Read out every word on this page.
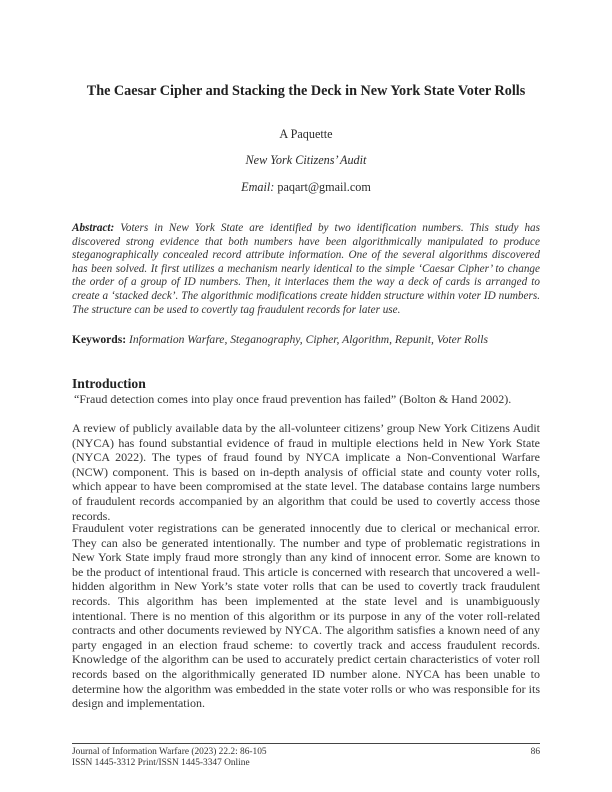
The Caesar Cipher and Stacking the Deck in New York State Voter Rolls
A Paquette
New York Citizens’ Audit
Email: paqart@gmail.com
Abstract: Voters in New York State are identified by two identification numbers. This study has discovered strong evidence that both numbers have been algorithmically manipulated to produce steganographically concealed record attribute information. One of the several algorithms discovered has been solved. It first utilizes a mechanism nearly identical to the simple ‘Caesar Cipher’ to change the order of a group of ID numbers. Then, it interlaces them the way a deck of cards is arranged to create a ‘stacked deck’. The algorithmic modifications create hidden structure within voter ID numbers. The structure can be used to covertly tag fraudulent records for later use.
Keywords: Information Warfare, Steganography, Cipher, Algorithm, Repunit, Voter Rolls
Introduction
“Fraud detection comes into play once fraud prevention has failed” (Bolton & Hand 2002).
A review of publicly available data by the all-volunteer citizens’ group New York Citizens Audit (NYCA) has found substantial evidence of fraud in multiple elections held in New York State (NYCA 2022). The types of fraud found by NYCA implicate a Non-Conventional Warfare (NCW) component. This is based on in-depth analysis of official state and county voter rolls, which appear to have been compromised at the state level. The database contains large numbers of fraudulent records accompanied by an algorithm that could be used to covertly access those records.
Fraudulent voter registrations can be generated innocently due to clerical or mechanical error. They can also be generated intentionally. The number and type of problematic registrations in New York State imply fraud more strongly than any kind of innocent error. Some are known to be the product of intentional fraud. This article is concerned with research that uncovered a well-hidden algorithm in New York’s state voter rolls that can be used to covertly track fraudulent records. This algorithm has been implemented at the state level and is unambiguously intentional. There is no mention of this algorithm or its purpose in any of the voter roll-related contracts and other documents reviewed by NYCA. The algorithm satisfies a known need of any party engaged in an election fraud scheme: to covertly track and access fraudulent records. Knowledge of the algorithm can be used to accurately predict certain characteristics of voter roll records based on the algorithmically generated ID number alone. NYCA has been unable to determine how the algorithm was embedded in the state voter rolls or who was responsible for its design and implementation.
Journal of Information Warfare (2023) 22.2: 86-105
ISSN 1445-3312 Print/ISSN 1445-3347 Online
86
